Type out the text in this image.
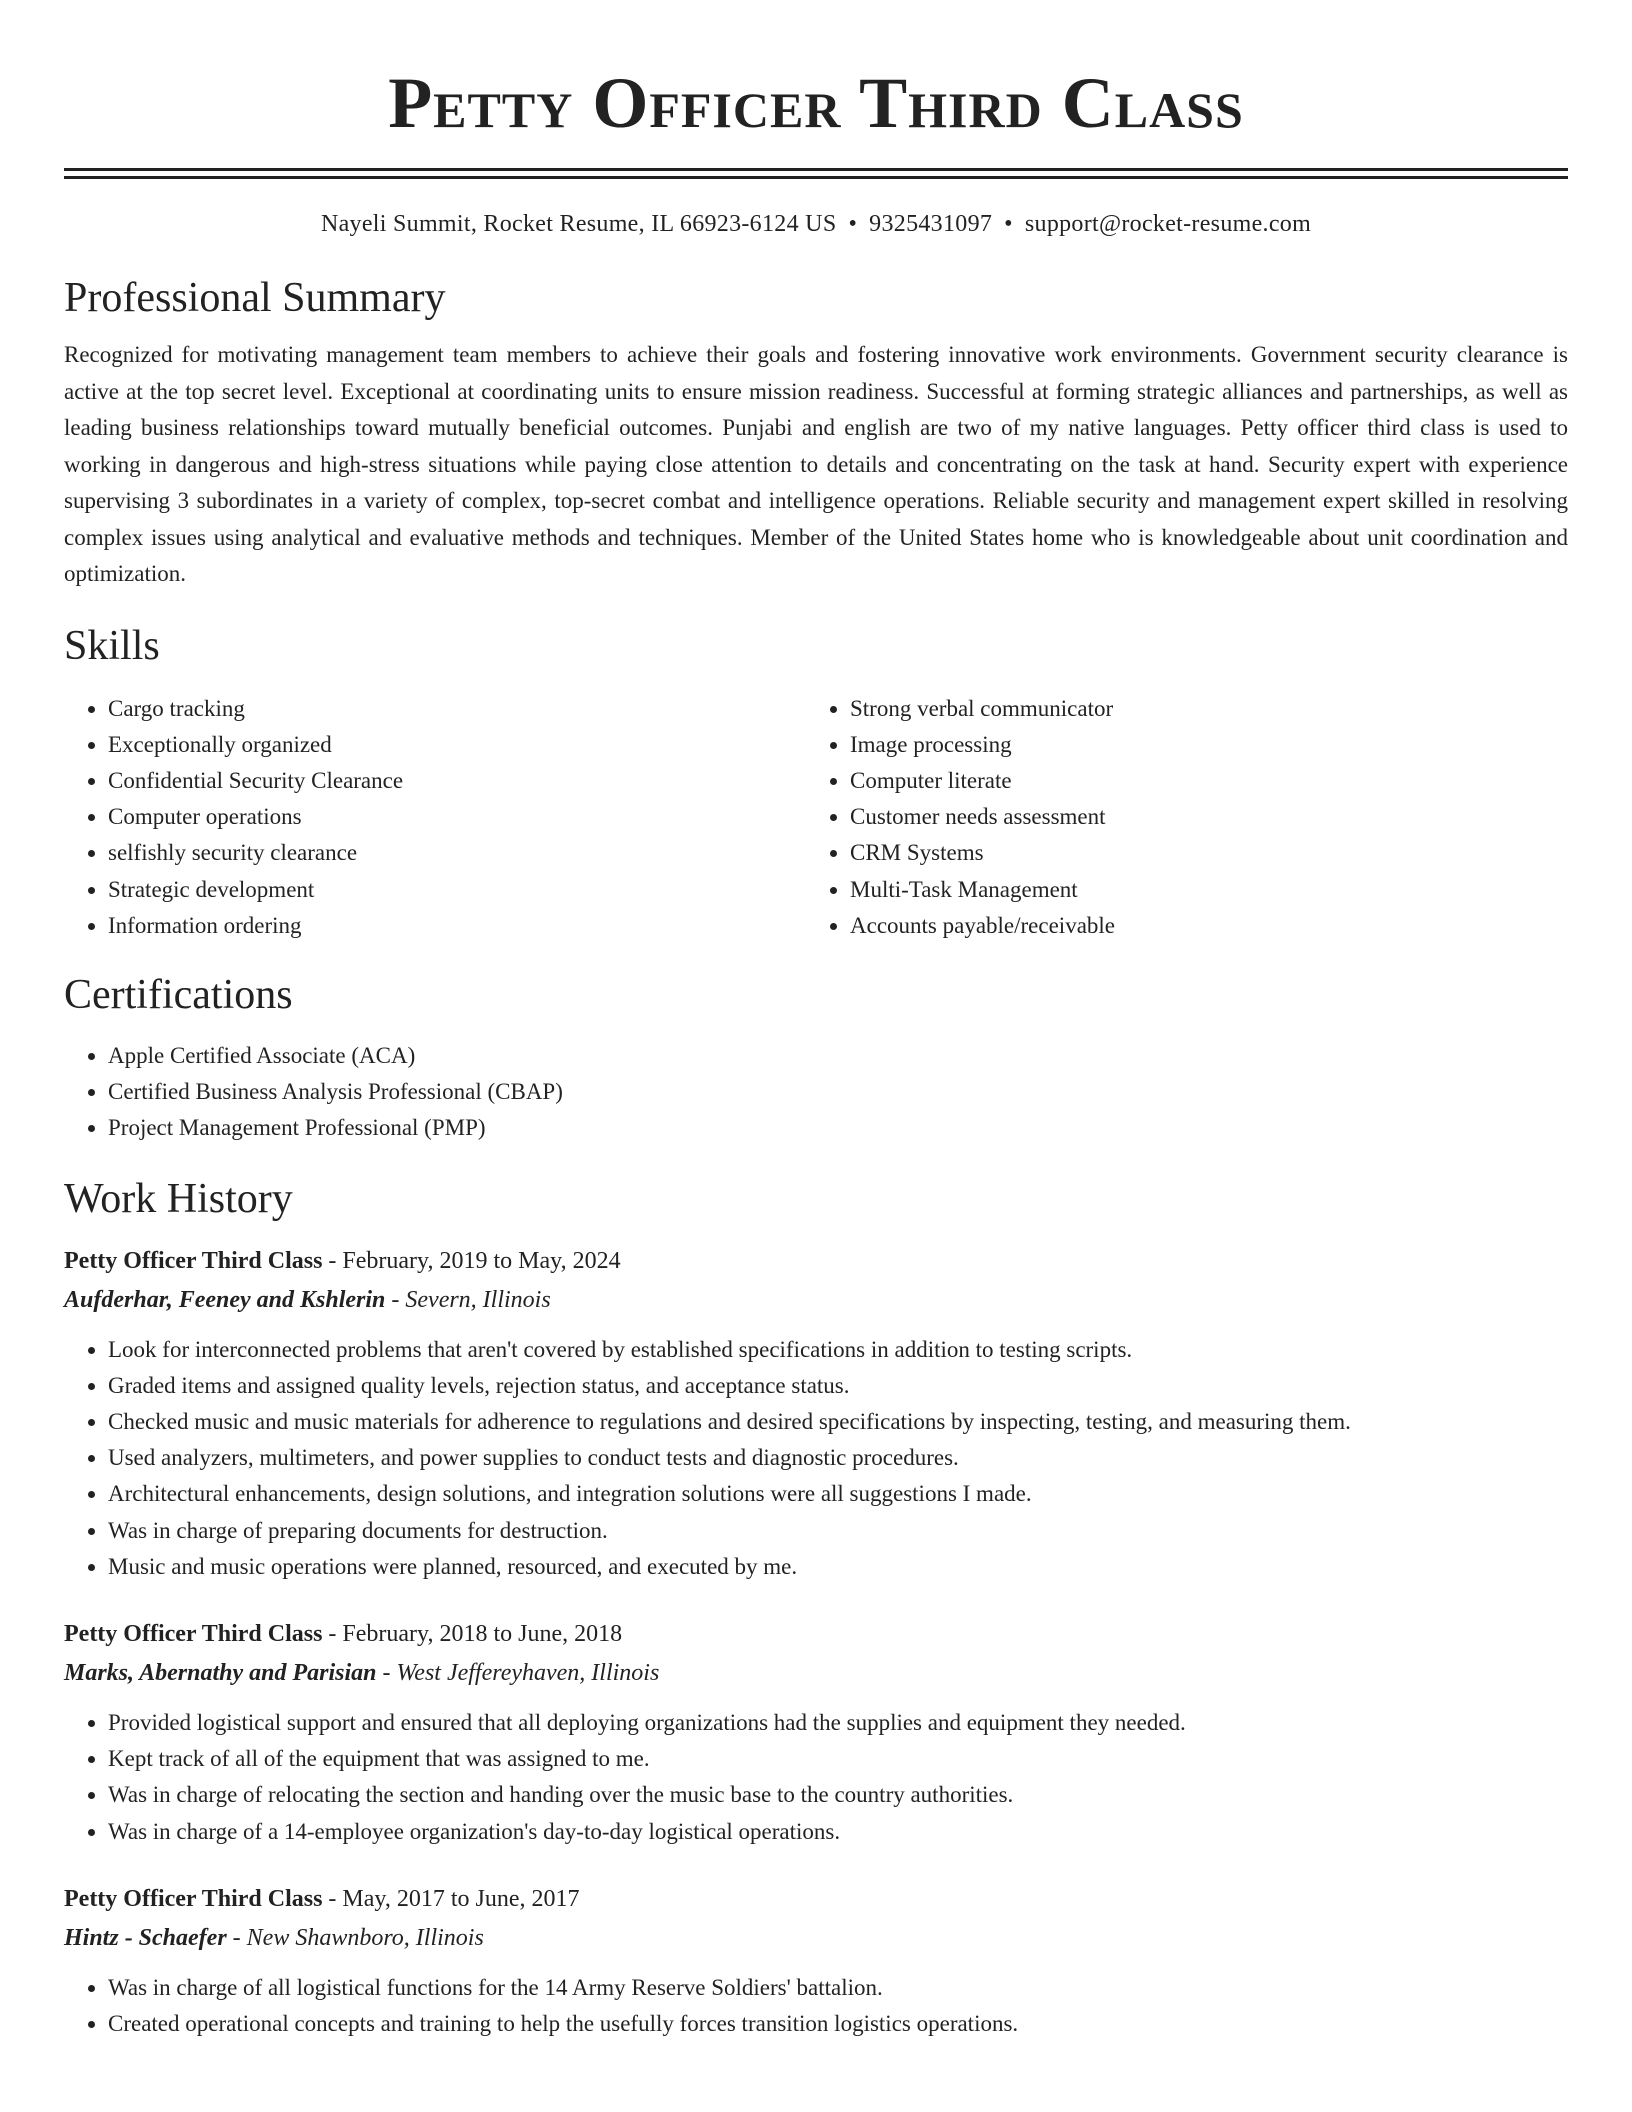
Petty Officer Third Class
Nayeli Summit, Rocket Resume, IL 66923-6124 US • 9325431097 • support@rocket-resume.com
Professional Summary
Recognized for motivating management team members to achieve their goals and fostering innovative work environments. Government security clearance is active at the top secret level. Exceptional at coordinating units to ensure mission readiness. Successful at forming strategic alliances and partnerships, as well as leading business relationships toward mutually beneficial outcomes. Punjabi and english are two of my native languages. Petty officer third class is used to working in dangerous and high-stress situations while paying close attention to details and concentrating on the task at hand. Security expert with experience supervising 3 subordinates in a variety of complex, top-secret combat and intelligence operations. Reliable security and management expert skilled in resolving complex issues using analytical and evaluative methods and techniques. Member of the United States home who is knowledgeable about unit coordination and optimization.
Skills
• Cargo tracking
• Exceptionally organized
• Confidential Security Clearance
• Computer operations
• selfishly security clearance
• Strategic development
• Information ordering
• Strong verbal communicator
• Image processing
• Computer literate
• Customer needs assessment
• CRM Systems
• Multi-Task Management
• Accounts payable/receivable
Certifications
• Apple Certified Associate (ACA)
• Certified Business Analysis Professional (CBAP)
• Project Management Professional (PMP)
Work History
Petty Officer Third Class - February, 2019 to May, 2024
Aufderhar, Feeney and Kshlerin - Severn, Illinois
• Look for interconnected problems that aren't covered by established specifications in addition to testing scripts.
• Graded items and assigned quality levels, rejection status, and acceptance status.
• Checked music and music materials for adherence to regulations and desired specifications by inspecting, testing, and measuring them.
• Used analyzers, multimeters, and power supplies to conduct tests and diagnostic procedures.
• Architectural enhancements, design solutions, and integration solutions were all suggestions I made.
• Was in charge of preparing documents for destruction.
• Music and music operations were planned, resourced, and executed by me.
Petty Officer Third Class - February, 2018 to June, 2018
Marks, Abernathy and Parisian - West Jeffereyhaven, Illinois
• Provided logistical support and ensured that all deploying organizations had the supplies and equipment they needed.
• Kept track of all of the equipment that was assigned to me.
• Was in charge of relocating the section and handing over the music base to the country authorities.
• Was in charge of a 14-employee organization's day-to-day logistical operations.
Petty Officer Third Class - May, 2017 to June, 2017
Hintz - Schaefer - New Shawnboro, Illinois
• Was in charge of all logistical functions for the 14 Army Reserve Soldiers' battalion.
• Created operational concepts and training to help the usefully forces transition logistics operations.
